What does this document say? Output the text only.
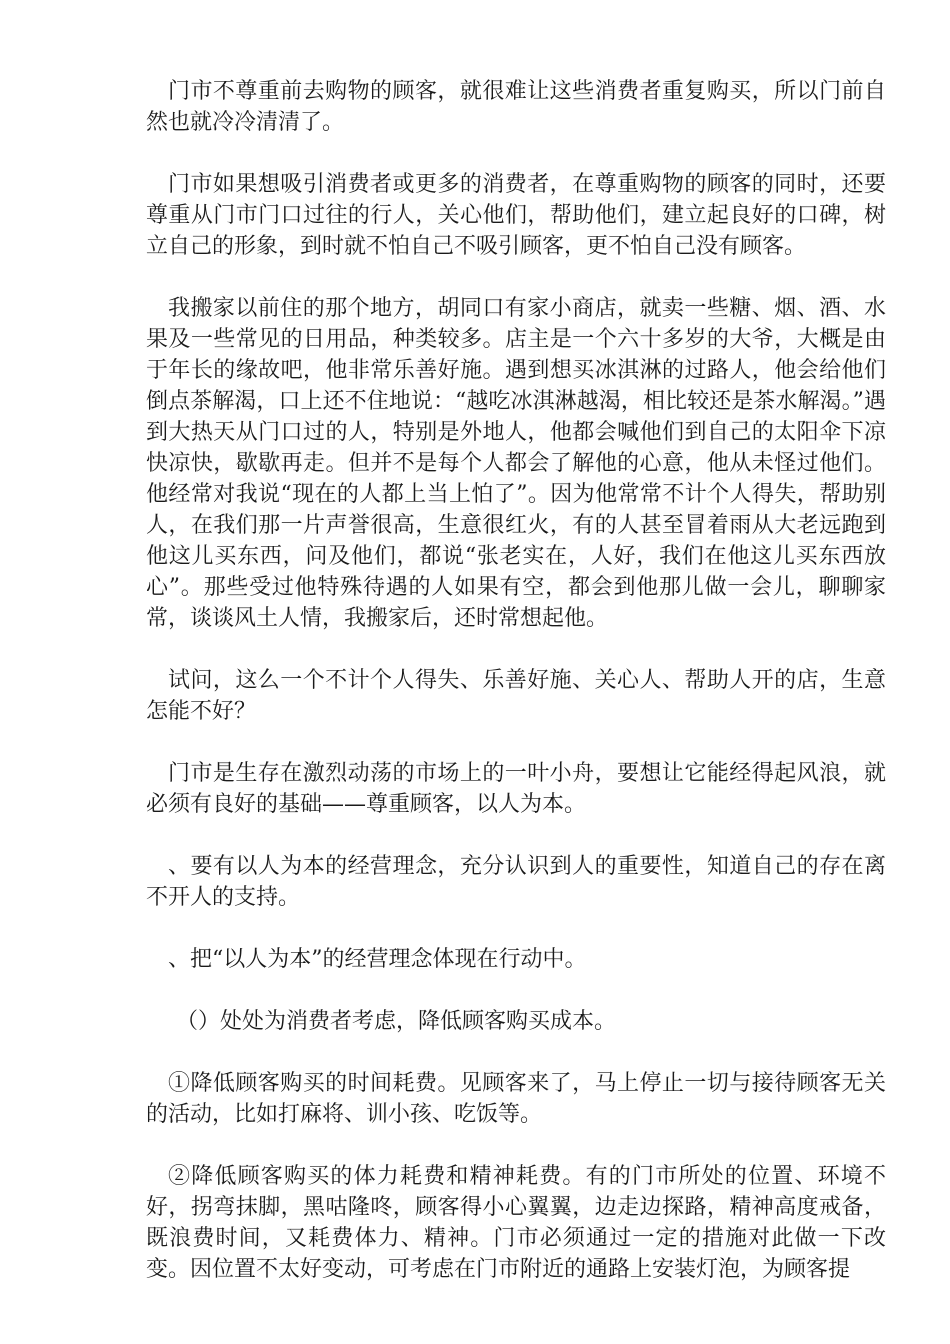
门市不尊重前去购物的顾客，就很难让这些消费者重复购买，所以门前自然也就冷冷清清了。

门市如果想吸引消费者或更多的消费者，在尊重购物的顾客的同时，还要尊重从门市门口过往的行人，关心他们，帮助他们，建立起良好的口碑，树立自己的形象，到时就不怕自己不吸引顾客，更不怕自己没有顾客。

我搬家以前住的那个地方，胡同口有家小商店，就卖一些糖、烟、酒、水果及一些常见的日用品，种类较多。店主是一个六十多岁的大爷，大概是由于年长的缘故吧，他非常乐善好施。遇到想买冰淇淋的过路人，他会给他们倒点茶解渴，口上还不住地说：“越吃冰淇淋越渴，相比较还是茶水解渴。”遇到大热天从门口过的人，特别是外地人，他都会喊他们到自己的太阳伞下凉快凉快，歇歇再走。但并不是每个人都会了解他的心意，他从未怪过他们。他经常对我说“现在的人都上当上怕了”。因为他常常不计个人得失，帮助别人，在我们那一片声誉很高，生意很红火，有的人甚至冒着雨从大老远跑到他这儿买东西，问及他们，都说“张老实在，人好，我们在他这儿买东西放心”。那些受过他特殊待遇的人如果有空，都会到他那儿做一会儿，聊聊家常，谈谈风土人情，我搬家后，还时常想起他。

试问，这么一个不计个人得失、乐善好施、关心人、帮助人开的店，生意怎能不好？

门市是生存在激烈动荡的市场上的一叶小舟，要想让它能经得起风浪，就必须有良好的基础——尊重顾客，以人为本。

、要有以人为本的经营理念，充分认识到人的重要性，知道自己的存在离不开人的支持。

、把“以人为本”的经营理念体现在行动中。

（）处处为消费者考虑，降低顾客购买成本。

①降低顾客购买的时间耗费。见顾客来了，马上停止一切与接待顾客无关的活动，比如打麻将、训小孩、吃饭等。

②降低顾客购买的体力耗费和精神耗费。有的门市所处的位置、环境不好，拐弯抹脚，黑咕隆咚，顾客得小心翼翼，边走边探路，精神高度戒备，既浪费时间，又耗费体力、精神。门市必须通过一定的措施对此做一下改变。因位置不太好变动，可考虑在门市附近的通路上安装灯泡，为顾客提
